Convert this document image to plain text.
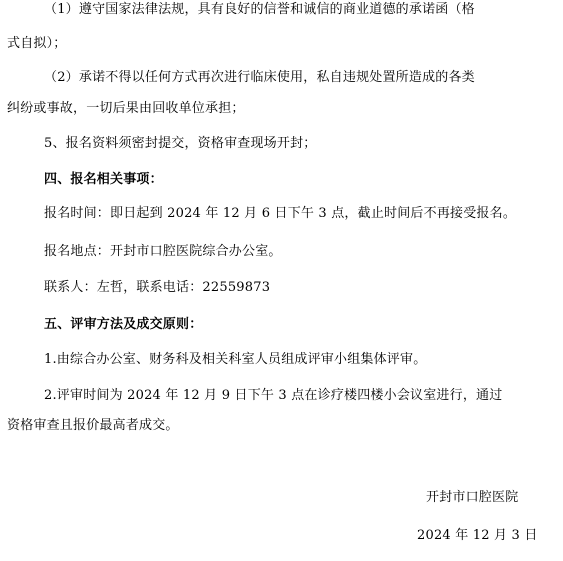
（1）遵守国家法律法规，具有良好的信誉和诚信的商业道德的承诺函（格
式自拟）；
（2）承诺不得以任何方式再次进行临床使用，私自违规处置所造成的各类
纠纷或事故，一切后果由回收单位承担；
5、报名资料须密封提交，资格审查现场开封；
四、报名相关事项：
报名时间：即日起到 2024 年 12 月 6 日下午 3 点，截止时间后不再接受报名。
报名地点：开封市口腔医院综合办公室。
联系人：左哲，联系电话：22559873
五、评审方法及成交原则：
1.由综合办公室、财务科及相关科室人员组成评审小组集体评审。
2.评审时间为 2024 年 12 月 9 日下午 3 点在诊疗楼四楼小会议室进行，通过
资格审查且报价最高者成交。
开封市口腔医院
2024 年 12 月 3 日
